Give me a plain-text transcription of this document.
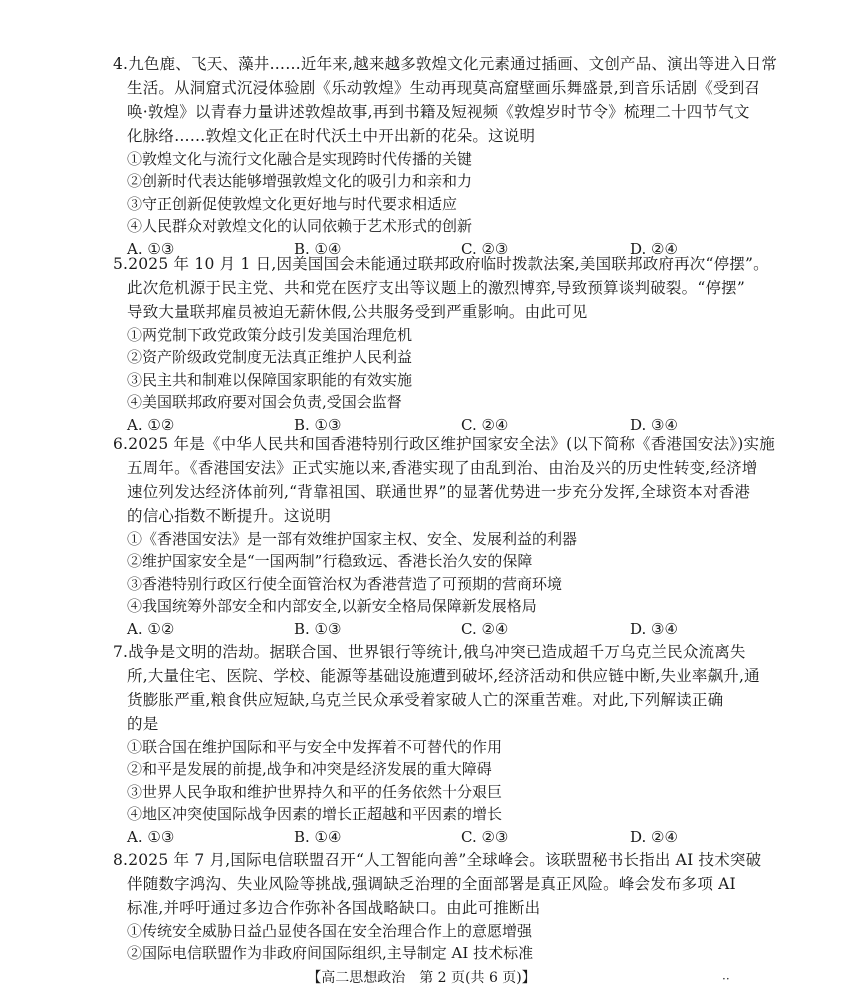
4.九色鹿、飞天、藻井……近年来,越来越多敦煌文化元素通过插画、文创产品、演出等进入日常
生活。从洞窟式沉浸体验剧《乐动敦煌》生动再现莫高窟壁画乐舞盛景,到音乐话剧《受到召
唤·敦煌》以青春力量讲述敦煌故事,再到书籍及短视频《敦煌岁时节令》梳理二十四节气文
化脉络……敦煌文化正在时代沃土中开出新的花朵。这说明
①敦煌文化与流行文化融合是实现跨时代传播的关键
②创新时代表达能够增强敦煌文化的吸引力和亲和力
③守正创新促使敦煌文化更好地与时代要求相适应
④人民群众对敦煌文化的认同依赖于艺术形式的创新
A. ①③	B. ①④	C. ②③	D. ②④
5.2025 年 10 月 1 日,因美国国会未能通过联邦政府临时拨款法案,美国联邦政府再次“停摆”。
此次危机源于民主党、共和党在医疗支出等议题上的激烈博弈,导致预算谈判破裂。“停摆”
导致大量联邦雇员被迫无薪休假,公共服务受到严重影响。由此可见
①两党制下政党政策分歧引发美国治理危机
②资产阶级政党制度无法真正维护人民利益
③民主共和制难以保障国家职能的有效实施
④美国联邦政府要对国会负责,受国会监督
A. ①②	B. ①③	C. ②④	D. ③④
6.2025 年是《中华人民共和国香港特别行政区维护国家安全法》(以下简称《香港国安法》)实施
五周年。《香港国安法》正式实施以来,香港实现了由乱到治、由治及兴的历史性转变,经济增
速位列发达经济体前列,“背靠祖国、联通世界”的显著优势进一步充分发挥,全球资本对香港
的信心指数不断提升。这说明
①《香港国安法》是一部有效维护国家主权、安全、发展利益的利器
②维护国家安全是“一国两制”行稳致远、香港长治久安的保障
③香港特别行政区行使全面管治权为香港营造了可预期的营商环境
④我国统筹外部安全和内部安全,以新安全格局保障新发展格局
A. ①②	B. ①③	C. ②④	D. ③④
7.战争是文明的浩劫。据联合国、世界银行等统计,俄乌冲突已造成超千万乌克兰民众流离失
所,大量住宅、医院、学校、能源等基础设施遭到破坏,经济活动和供应链中断,失业率飙升,通
货膨胀严重,粮食供应短缺,乌克兰民众承受着家破人亡的深重苦难。对此,下列解读正确
的是
①联合国在维护国际和平与安全中发挥着不可替代的作用
②和平是发展的前提,战争和冲突是经济发展的重大障碍
③世界人民争取和维护世界持久和平的任务依然十分艰巨
④地区冲突使国际战争因素的增长正超越和平因素的增长
A. ①③	B. ①④	C. ②③	D. ②④
8.2025 年 7 月,国际电信联盟召开“人工智能向善”全球峰会。该联盟秘书长指出 AI 技术突破
伴随数字鸿沟、失业风险等挑战,强调缺乏治理的全面部署是真正风险。峰会发布多项 AI
标准,并呼吁通过多边合作弥补各国战略缺口。由此可推断出
①传统安全威胁日益凸显使各国在安全治理合作上的意愿增强
②国际电信联盟作为非政府间国际组织,主导制定 AI 技术标准
【高二思想政治　第 2 页(共 6 页)】	··
